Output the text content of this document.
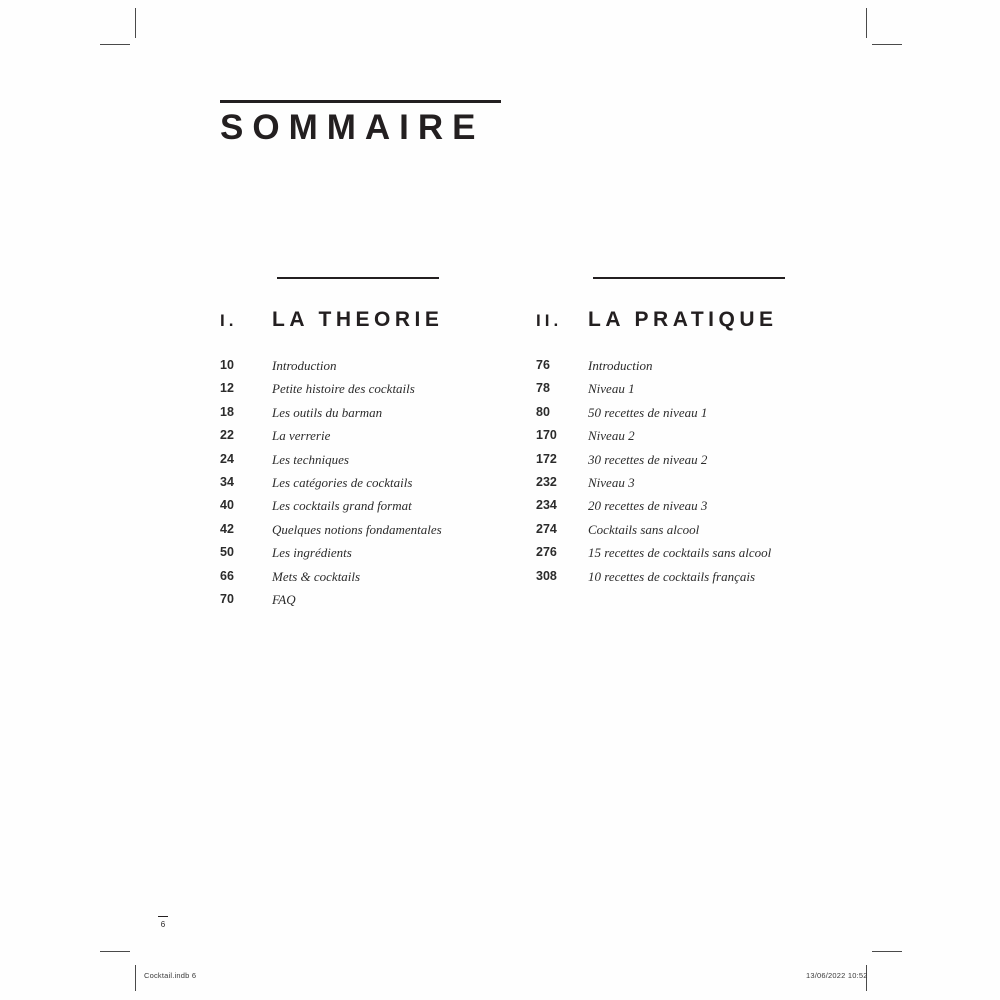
SOMMAIRE
I. LA THEORIE
10	Introduction
12	Petite histoire des cocktails
18	Les outils du barman
22	La verrerie
24	Les techniques
34	Les catégories de cocktails
40	Les cocktails grand format
42	Quelques notions fondamentales
50	Les ingrédients
66	Mets & cocktails
70	FAQ
II. LA PRATIQUE
76	Introduction
78	Niveau 1
80	50 recettes de niveau 1
170	Niveau 2
172	30 recettes de niveau 2
232	Niveau 3
234	20 recettes de niveau 3
274	Cocktails sans alcool
276	15 recettes de cocktails sans alcool
308	10 recettes de cocktails français
6
Cocktail.indb 6	13/06/2022 10:52
